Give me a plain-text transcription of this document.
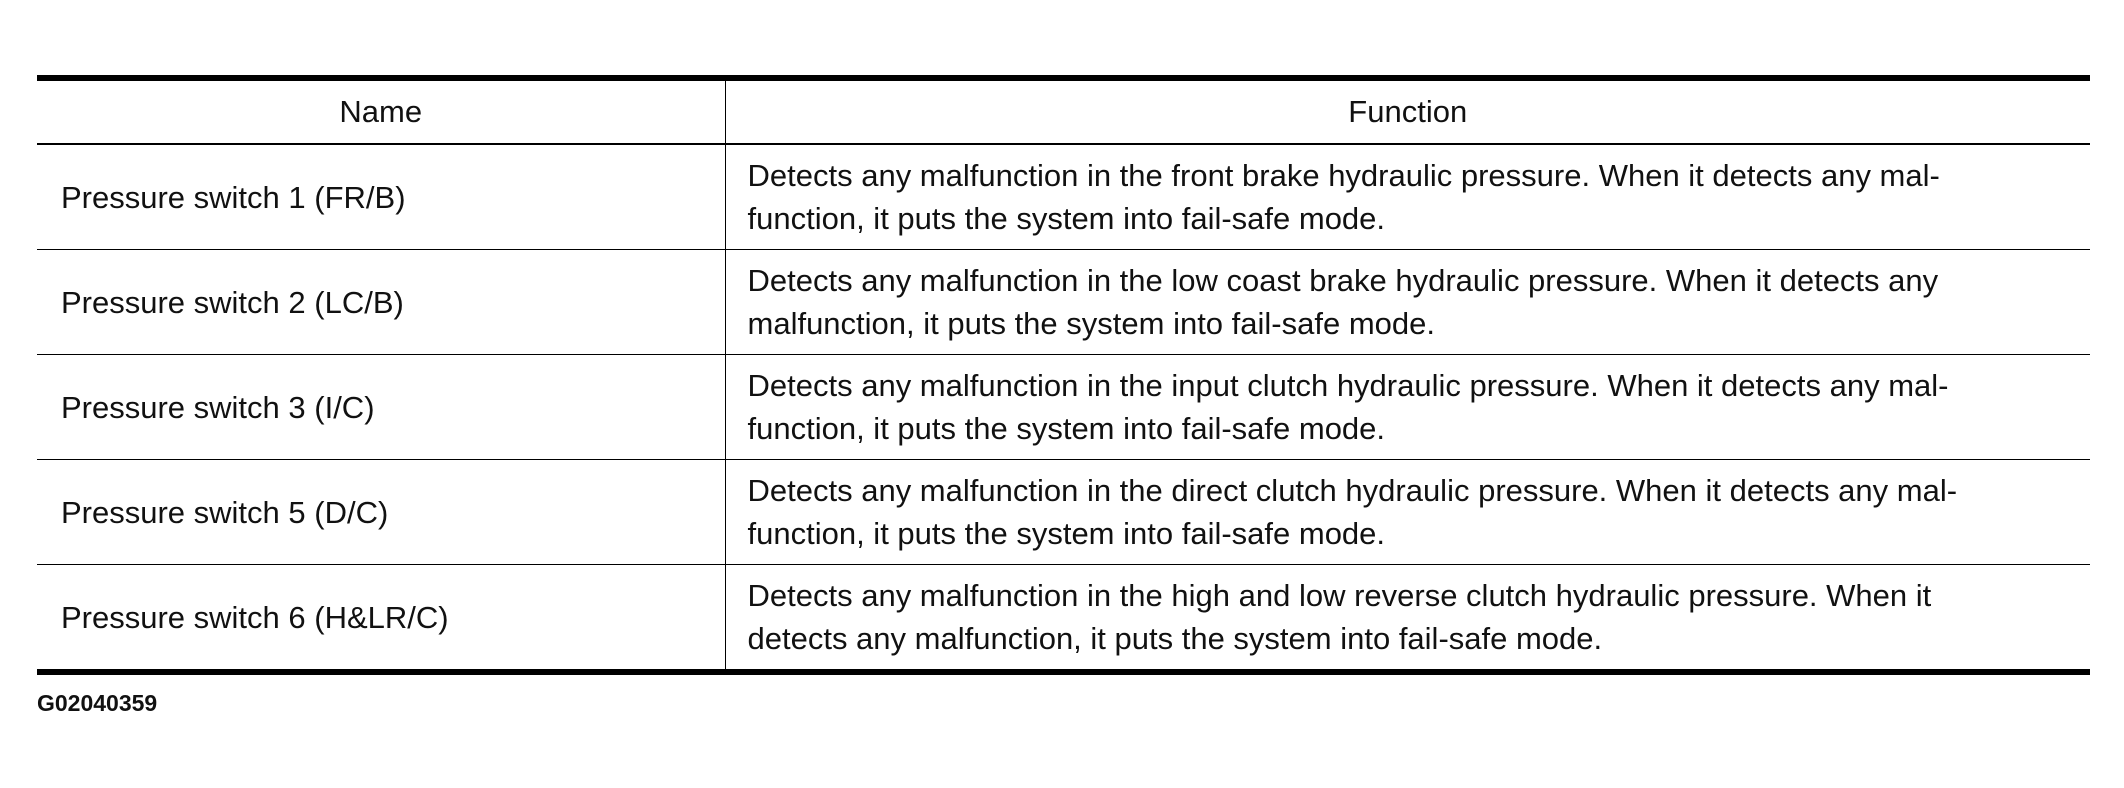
Name	Function
Pressure switch 1 (FR/B)	Detects any malfunction in the front brake hydraulic pressure. When it detects any mal-
function, it puts the system into fail-safe mode.
Pressure switch 2 (LC/B)	Detects any malfunction in the low coast brake hydraulic pressure. When it detects any
malfunction, it puts the system into fail-safe mode.
Pressure switch 3 (I/C)	Detects any malfunction in the input clutch hydraulic pressure. When it detects any mal-
function, it puts the system into fail-safe mode.
Pressure switch 5 (D/C)	Detects any malfunction in the direct clutch hydraulic pressure. When it detects any mal-
function, it puts the system into fail-safe mode.
Pressure switch 6 (H&LR/C)	Detects any malfunction in the high and low reverse clutch hydraulic pressure. When it
detects any malfunction, it puts the system into fail-safe mode.
G02040359
